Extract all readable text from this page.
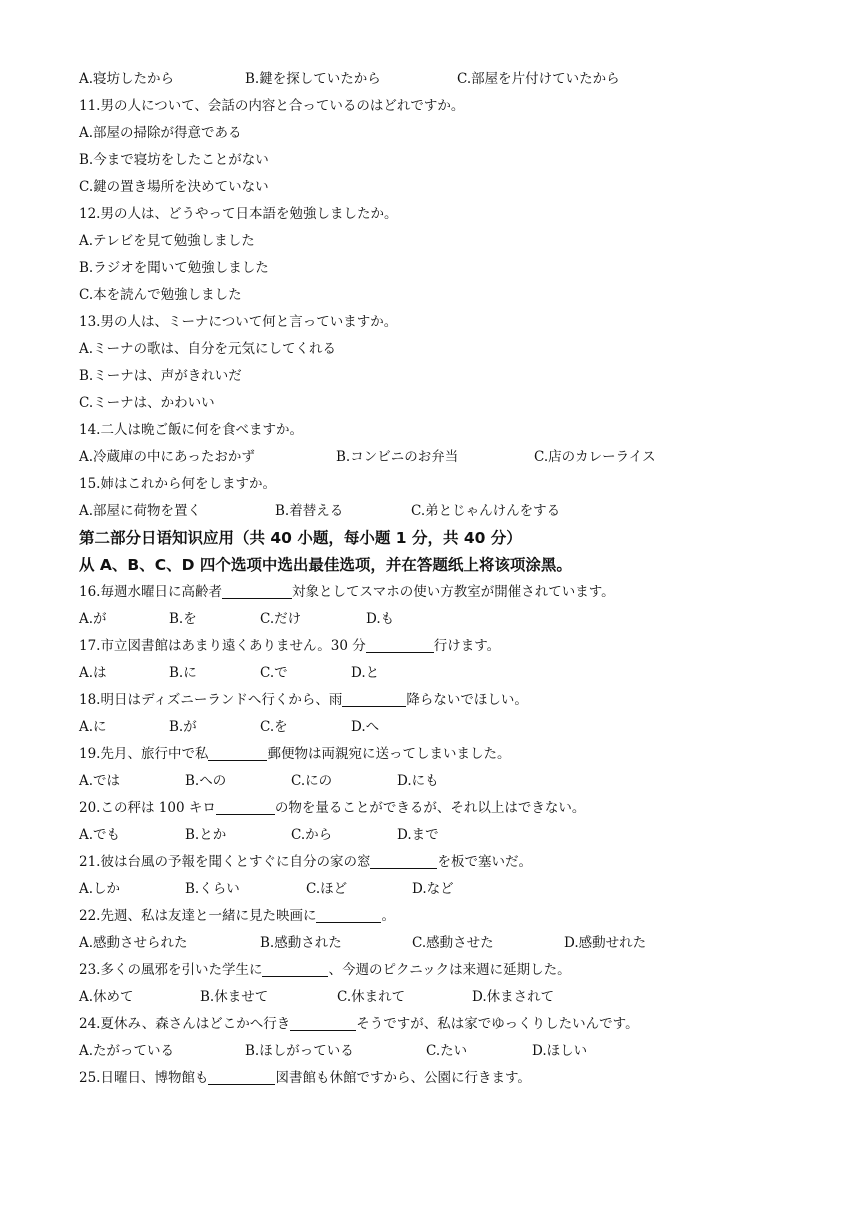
A.寝坊したから	B.鍵を探していたから	C.部屋を片付けていたから
11.男の人について、会話の内容と合っているのはどれですか。
A.部屋の掃除が得意である
B.今まで寝坊をしたことがない
C.鍵の置き場所を決めていない
12.男の人は、どうやって日本語を勉強しましたか。
A.テレビを見て勉強しました
B.ラジオを聞いて勉強しました
C.本を読んで勉強しました
13.男の人は、ミーナについて何と言っていますか。
A.ミーナの歌は、自分を元気にしてくれる
B.ミーナは、声がきれいだ
C.ミーナは、かわいい
14.二人は晩ご飯に何を食べますか。
A.冷蔵庫の中にあったおかず	B.コンビニのお弁当	C.店のカレーライス
15.姉はこれから何をしますか。
A.部屋に荷物を置く	B.着替える	C.弟とじゃんけんをする
第二部分日语知识应用（共 40 小题，每小题 1 分，共 40 分）
从 A、B、C、D 四个选项中选出最佳选项，并在答题纸上将该项涂黑。
16.毎週水曜日に高齢者	対象としてスマホの使い方教室が開催されています。
A.が	B.を	C.だけ	D.も
17.市立図書館はあまり遠くありません。30 分	行けます。
A.は	B.に	C.で	D.と
18.明日はディズニーランドへ行くから、雨	降らないでほしい。
A.に	B.が	C.を	D.へ
19.先月、旅行中で私	郵便物は両親宛に送ってしまいました。
A.では	B.への	C.にの	D.にも
20.この秤は 100 キロ	の物を量ることができるが、それ以上はできない。
A.でも	B.とか	C.から	D.まで
21.彼は台風の予報を聞くとすぐに自分の家の窓	を板で塞いだ。
A.しか	B.くらい	C.ほど	D.など
22.先週、私は友達と一緒に見た映画に	。
A.感動させられた	B.感動された	C.感動させた	D.感動せれた
23.多くの風邪を引いた学生に	、今週のピクニックは来週に延期した。
A.休めて	B.休ませて	C.休まれて	D.休まされて
24.夏休み、森さんはどこかへ行き	そうですが、私は家でゆっくりしたいんです。
A.たがっている	B.ほしがっている	C.たい	D.ほしい
25.日曜日、博物館も	図書館も休館ですから、公園に行きます。
